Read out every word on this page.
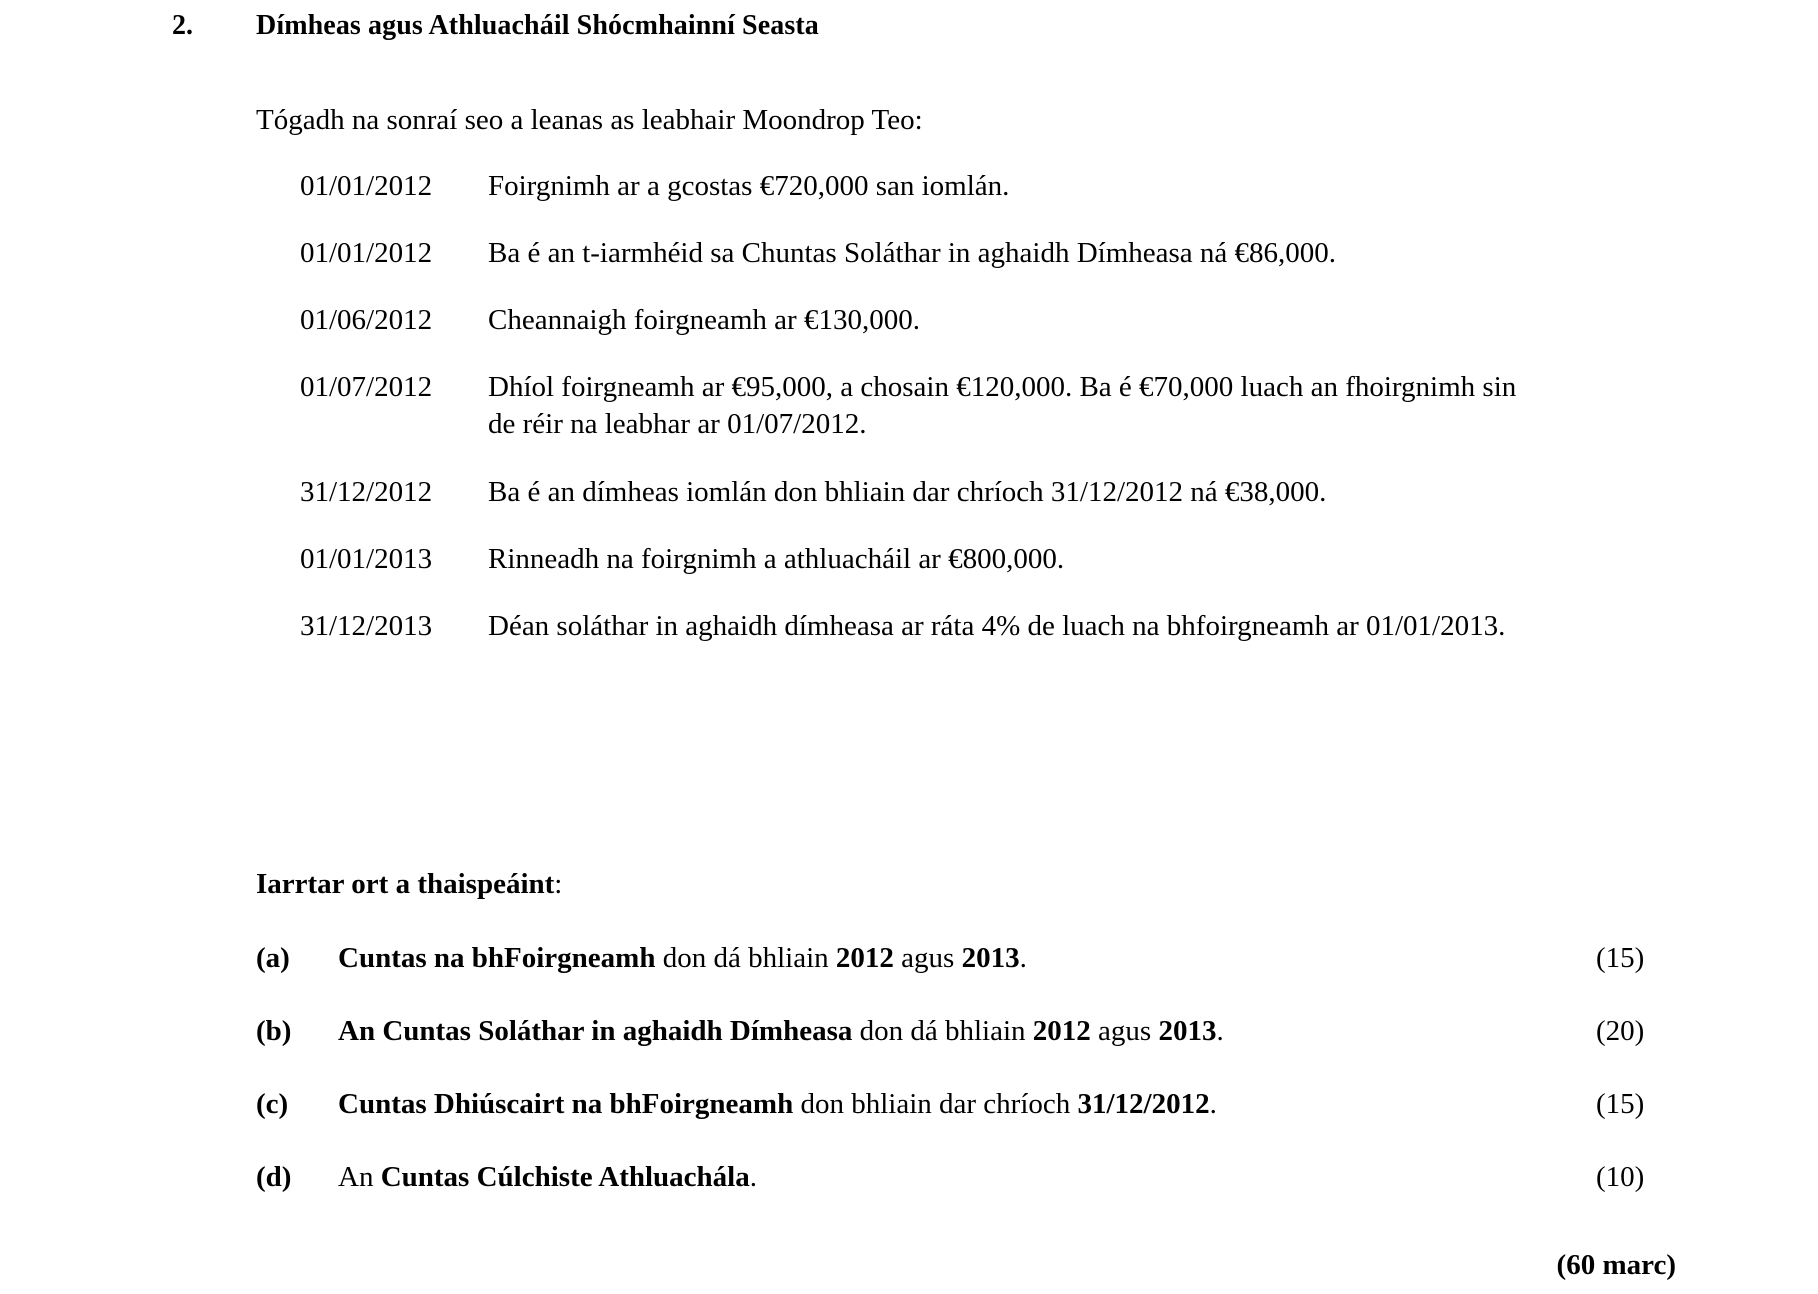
2.	Dímheas agus Athluacháil Shócmhainní Seasta
Tógadh na sonraí seo a leanas as leabhair Moondrop Teo:
01/01/2012	Foirgnimh ar a gcostas €720,000 san iomlán.
01/01/2012	Ba é an t-iarmhéid sa Chuntas Soláthar in aghaidh Dímheasa ná €86,000.
01/06/2012	Cheannaigh foirgneamh ar €130,000.
01/07/2012	Dhíol foirgneamh ar €95,000, a chosain €120,000. Ba é €70,000 luach an fhoirgnimh sin de réir na leabhar ar 01/07/2012.
31/12/2012	Ba é an dímheas iomlán don bhliain dar chríoch 31/12/2012 ná €38,000.
01/01/2013	Rinneadh na foirgnimh a athluacháil ar €800,000.
31/12/2013	Déan soláthar in aghaidh dímheasa ar ráta 4% de luach na bhfoirgneamh ar 01/01/2013.
Iarrtar ort a thaispeáint:
(a)	Cuntas na bhFoirgneamh don dá bhliain 2012 agus 2013.	(15)
(b)	An Cuntas Soláthar in aghaidh Dímheasa don dá bhliain 2012 agus 2013.	(20)
(c)	Cuntas Dhiúscairt na bhFoirgneamh don bhliain dar chríoch 31/12/2012.	(15)
(d)	An Cuntas Cúlchiste Athluachála.	(10)
(60 marc)
